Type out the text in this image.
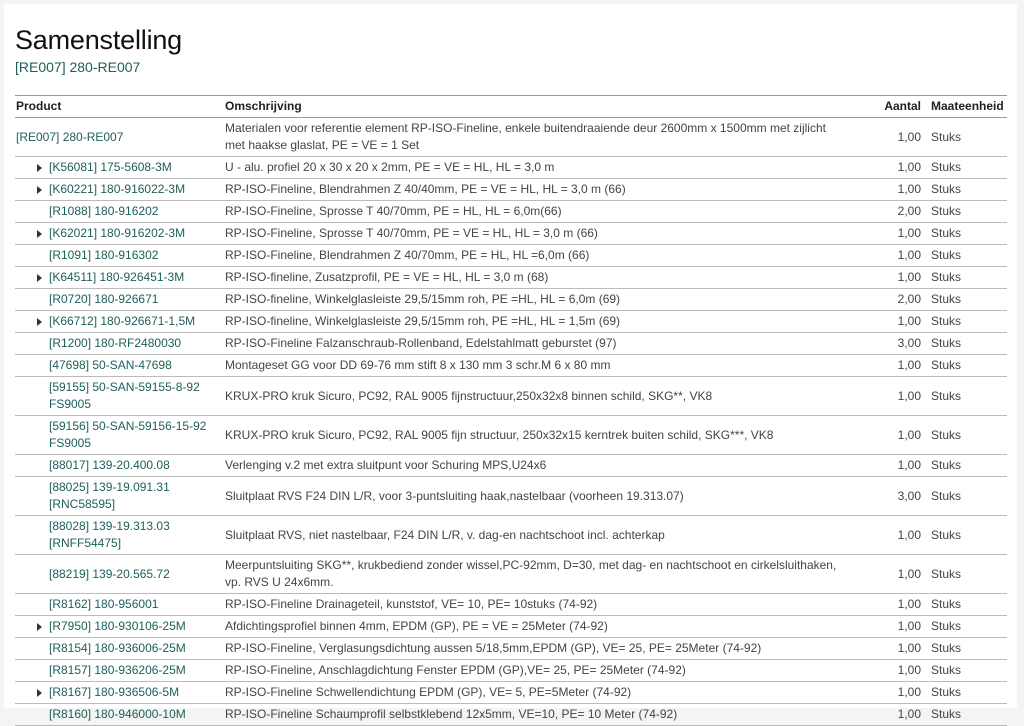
Samenstelling
[RE007] 280-RE007
Product	Omschrijving	Aantal	Maateenheid

[RE007] 280-RE007	Materialen voor referentie element RP-ISO-Fineline, enkele buitendraaiende deur 2600mm x 1500mm met zijlicht met haakse glaslat, PE = VE = 1 Set	1,00	Stuks

[K56081] 175-5608-3M	U - alu. profiel 20 x 30 x 20 x 2mm, PE = VE = HL, HL = 3,0 m	1,00	Stuks

[K60221] 180-916022-3M	RP-ISO-Fineline, Blendrahmen Z 40/40mm, PE = VE = HL, HL = 3,0 m (66)	1,00	Stuks

[R1088] 180-916202	RP-ISO-Fineline, Sprosse T 40/70mm, PE = HL, HL = 6,0m(66)	2,00	Stuks

[K62021] 180-916202-3M	RP-ISO-Fineline, Sprosse T 40/70mm, PE = VE = HL, HL = 3,0 m (66)	1,00	Stuks

[R1091] 180-916302	RP-ISO-Fineline, Blendrahmen Z 40/70mm, PE = HL, HL =6,0m (66)	1,00	Stuks

[K64511] 180-926451-3M	RP-ISO-fineline, Zusatzprofil, PE = VE = HL, HL = 3,0 m (68)	1,00	Stuks

[R0720] 180-926671	RP-ISO-fineline, Winkelglasleiste 29,5/15mm roh, PE =HL, HL = 6,0m (69)	2,00	Stuks

[K66712] 180-926671-1,5M	RP-ISO-fineline, Winkelglasleiste 29,5/15mm roh, PE =HL, HL = 1,5m (69)	1,00	Stuks

[R1200] 180-RF2480030	RP-ISO-Fineline Falzanschraub-Rollenband, Edelstahlmatt geburstet (97)	3,00	Stuks

[47698] 50-SAN-47698	Montageset GG voor DD 69-76 mm stift 8 x 130 mm 3 schr.M 6 x 80 mm	1,00	Stuks

[59155] 50-SAN-59155-8-92 FS9005	KRUX-PRO kruk Sicuro, PC92, RAL 9005 fijnstructuur,250x32x8 binnen schild, SKG**, VK8	1,00	Stuks

[59156] 50-SAN-59156-15-92 FS9005	KRUX-PRO kruk Sicuro, PC92, RAL 9005 fijn structuur, 250x32x15 kerntrek buiten schild, SKG***, VK8	1,00	Stuks

[88017] 139-20.400.08	Verlenging v.2 met extra sluitpunt voor Schuring MPS,U24x6	1,00	Stuks

[88025] 139-19.091.31 [RNC58595]	Sluitplaat RVS F24 DIN L/R, voor 3-puntsluiting haak,nastelbaar (voorheen 19.313.07)	3,00	Stuks

[88028] 139-19.313.03 [RNFF54475]	Sluitplaat RVS, niet nastelbaar, F24 DIN L/R, v. dag-en nachtschoot incl. achterkap	1,00	Stuks

[88219] 139-20.565.72	Meerpuntsluiting SKG**, krukbediend zonder wissel,PC-92mm, D=30, met dag- en nachtschoot en cirkelsluithaken, vp. RVS U 24x6mm.	1,00	Stuks

[R8162] 180-956001	RP-ISO-Fineline Drainageteil, kunststof, VE= 10, PE= 10stuks (74-92)	1,00	Stuks

[R7950] 180-930106-25M	Afdichtingsprofiel binnen 4mm, EPDM (GP), PE = VE = 25Meter (74-92)	1,00	Stuks

[R8154] 180-936006-25M	RP-ISO-Fineline, Verglasungsdichtung aussen 5/18,5mm,EPDM (GP), VE= 25, PE= 25Meter (74-92)	1,00	Stuks

[R8157] 180-936206-25M	RP-ISO-Fineline, Anschlagdichtung Fenster EPDM (GP),VE= 25, PE= 25Meter (74-92)	1,00	Stuks

[R8167] 180-936506-5M	RP-ISO-Fineline Schwellendichtung EPDM (GP), VE= 5, PE=5Meter (74-92)	1,00	Stuks

[R8160] 180-946000-10M	RP-ISO-Fineline Schaumprofil selbstklebend 12x5mm, VE=10, PE= 10 Meter (74-92)	1,00	Stuks
